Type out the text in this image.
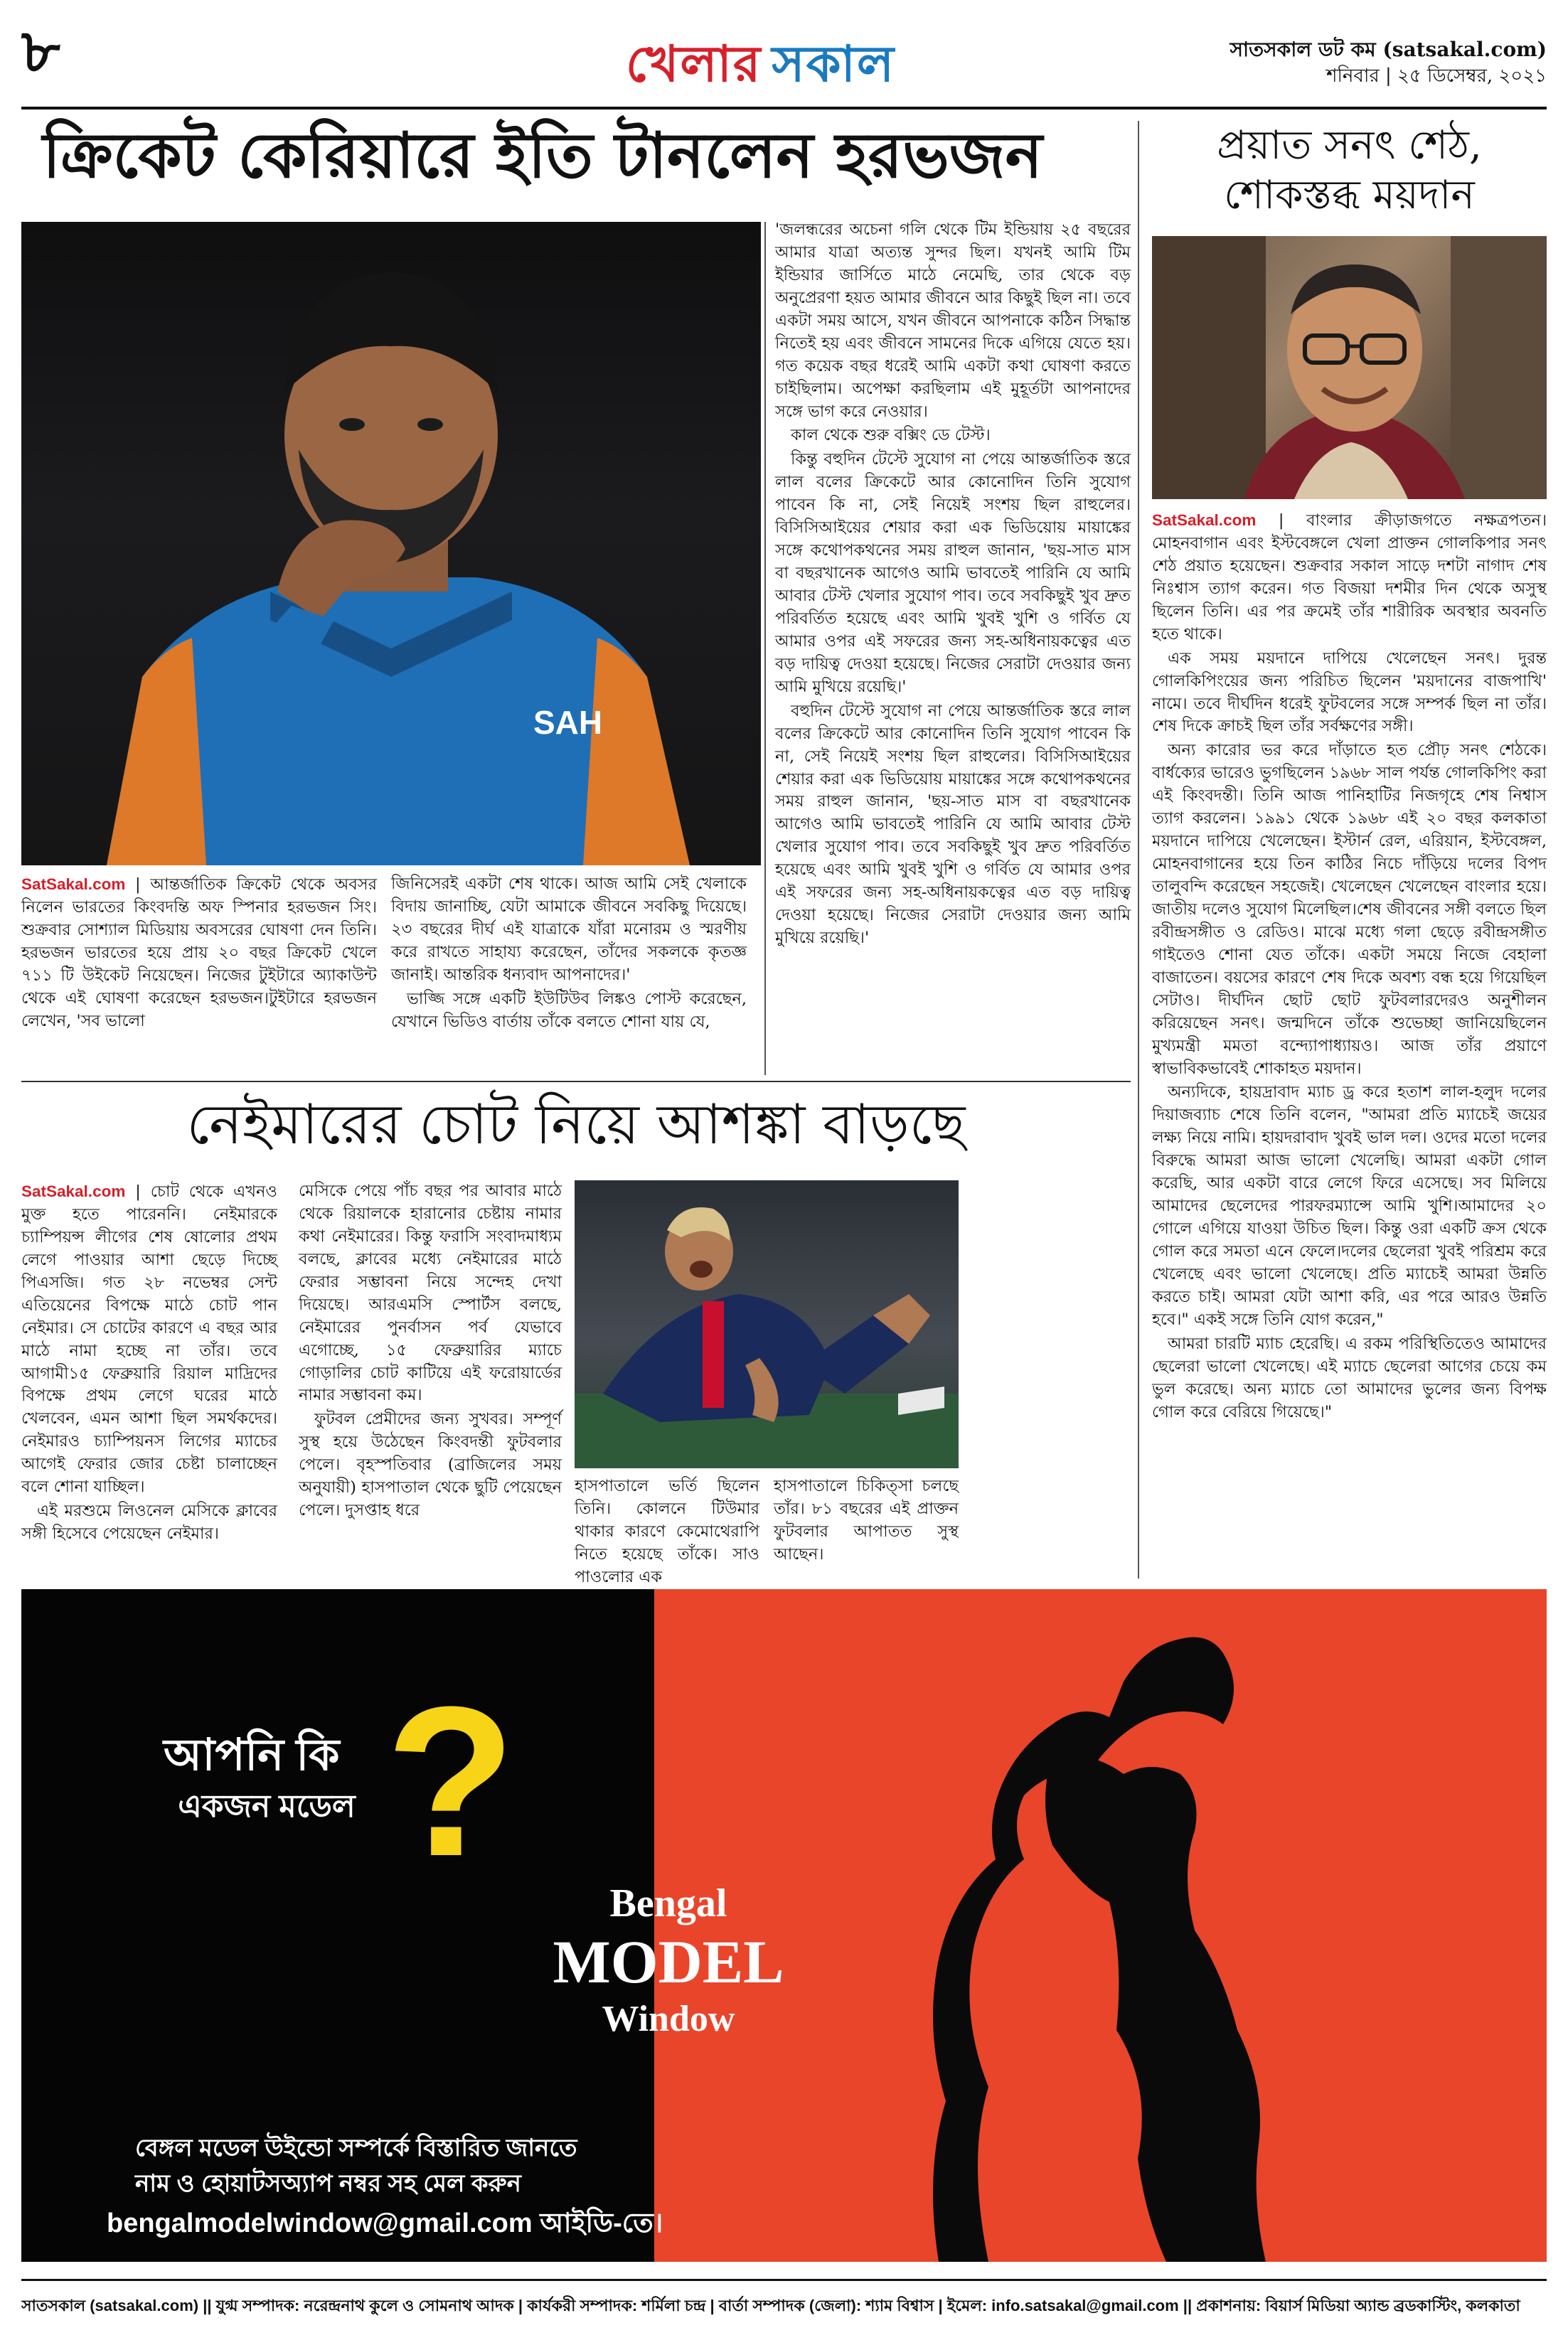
৮	খেলার সকাল	সাতসকাল ডট কম (satsakal.com)
শনিবার | ২৫ ডিসেম্বর, ২০২১
ক্রিকেট কেরিয়ারে ইতি টানলেন হরভজন
SAH

'জলন্ধরের অচেনা গলি থেকে টিম ইন্ডিয়ায় ২৫ বছরের আমার যাত্রা অত্যন্ত সুন্দর ছিল। যখনই আমি টিম ইন্ডিয়ার জার্সিতে মাঠে নেমেছি, তার থেকে বড় অনুপ্রেরণা হয়ত আমার জীবনে আর কিছুই ছিল না। তবে একটা সময় আসে, যখন জীবনে আপনাকে কঠিন সিদ্ধান্ত নিতেই হয় এবং জীবনে সামনের দিকে এগিয়ে যেতে হয়। গত কয়েক বছর ধরেই আমি একটা কথা ঘোষণা করতে চাইছিলাম। অপেক্ষা করছিলাম এই মুহূর্তটা আপনাদের সঙ্গে ভাগ করে নেওয়ার।

কাল থেকে শুরু বক্সিং ডে টেস্ট।

কিন্তু বহুদিন টেস্টে সুযোগ না পেয়ে আন্তর্জাতিক স্তরে লাল বলের ক্রিকেটে আর কোনোদিন তিনি সুযোগ পাবেন কি না, সেই নিয়েই সংশয় ছিল রাহুলের। বিসিসিআইয়ের শেয়ার করা এক ভিডিয়োয় মায়াঙ্কের সঙ্গে কথোপকথনের সময় রাহুল জানান, 'ছয়-সাত মাস বা বছরখানেক আগেও আমি ভাবতেই পারিনি যে আমি আবার টেস্ট খেলার সুযোগ পাব। তবে সবকিছুই খুব দ্রুত পরিবর্তিত হয়েছে এবং আমি খুবই খুশি ও গর্বিত যে আমার ওপর এই সফরের জন্য সহ-অধিনায়কত্বের এত বড় দায়িত্ব দেওয়া হয়েছে। নিজের সেরাটা দেওয়ার জন্য আমি মুখিয়ে রয়েছি।'

বহুদিন টেস্টে সুযোগ না পেয়ে আন্তর্জাতিক স্তরে লাল বলের ক্রিকেটে আর কোনোদিন তিনি সুযোগ পাবেন কি না, সেই নিয়েই সংশয় ছিল রাহুলের। বিসিসিআইয়ের শেয়ার করা এক ভিডিয়োয় মায়াঙ্কের সঙ্গে কথোপকথনের সময় রাহুল জানান, 'ছয়-সাত মাস বা বছরখানেক আগেও আমি ভাবতেই পারিনি যে আমি আবার টেস্ট খেলার সুযোগ পাব। তবে সবকিছুই খুব দ্রুত পরিবর্তিত হয়েছে এবং আমি খুবই খুশি ও গর্বিত যে আমার ওপর এই সফরের জন্য সহ-অধিনায়কত্বের এত বড় দায়িত্ব দেওয়া হয়েছে। নিজের সেরাটা দেওয়ার জন্য আমি মুখিয়ে রয়েছি।'

SatSakal.com | আন্তর্জাতিক ক্রিকেট থেকে অবসর নিলেন ভারতের কিংবদন্তি অফ স্পিনার হরভজন সিং। শুক্রবার সোশ্যাল মিডিয়ায় অবসরের ঘোষণা দেন তিনি। হরভজন ভারতের হয়ে প্রায় ২০ বছর ক্রিকেট খেলে ৭১১ টি উইকেট নিয়েছেন। নিজের টুইটারে অ্যাকাউন্ট থেকে এই ঘোষণা করেছেন হরভজন।টুইটারে হরভজন লেখেন, 'সব ভালো

জিনিসেরই একটা শেষ থাকে। আজ আমি সেই খেলাকে বিদায় জানাচ্ছি, যেটা আমাকে জীবনে সবকিছু দিয়েছে। ২৩ বছরের দীর্ঘ এই যাত্রাকে যাঁরা মনোরম ও স্মরণীয় করে রাখতে সাহায্য করেছেন, তাঁদের সকলকে কৃতজ্ঞ জানাই। আন্তরিক ধন্যবাদ আপনাদের।'

ভাজ্জি সঙ্গে একটি ইউটিউব লিঙ্কও পোস্ট করেছেন, যেখানে ভিডিও বার্তায় তাঁকে বলতে শোনা যায় যে,

প্রয়াত সনৎ শেঠ,
শোকস্তব্ধ ময়দান

SatSakal.com | বাংলার ক্রীড়াজগতে নক্ষত্রপতন। মোহনবাগান এবং ইস্টবেঙ্গলে খেলা প্রাক্তন গোলকিপার সনৎ শেঠ প্রয়াত হয়েছেন। শুক্রবার সকাল সাড়ে দশটা নাগাদ শেষ নিঃশ্বাস ত্যাগ করেন। গত বিজয়া দশমীর দিন থেকে অসুস্থ ছিলেন তিনি। এর পর ক্রমেই তাঁর শারীরিক অবস্থার অবনতি হতে থাকে।

এক সময় ময়দানে দাপিয়ে খেলেছেন সনৎ। দুরন্ত গোলকিপিংয়ের জন্য পরিচিত ছিলেন 'ময়দানের বাজপাখি' নামে। তবে দীর্ঘদিন ধরেই ফুটবলের সঙ্গে সম্পর্ক ছিল না তাঁর। শেষ দিকে ক্রাচই ছিল তাঁর সর্বক্ষণের সঙ্গী।

অন্য কারোর ভর করে দাঁড়াতে হত প্রৌঢ় সনৎ শেঠকে। বার্ধক্যের ভারেও ভুগছিলেন ১৯৬৮ সাল পর্যন্ত গোলকিপিং করা এই কিংবদন্তী। তিনি আজ পানিহাটির নিজগৃহে শেষ নিশ্বাস ত্যাগ করলেন। ১৯৯১ থেকে ১৯৬৮ এই ২০ বছর কলকাতা ময়দানে দাপিয়ে খেলেছেন। ইস্টার্ন রেল, এরিয়ান, ইস্টবেঙ্গল, মোহনবাগানের হয়ে তিন কাঠির নিচে দাঁড়িয়ে দলের বিপদ তালুবন্দি করেছেন সহজেই। খেলেছেন খেলেছেন বাংলার হয়ে। জাতীয় দলেও সুযোগ মিলেছিল।শেষ জীবনের সঙ্গী বলতে ছিল রবীন্দ্রসঙ্গীত ও রেডিও। মাঝে মধ্যে গলা ছেড়ে রবীন্দ্রসঙ্গীত গাইতেও শোনা যেত তাঁকে। একটা সময়ে নিজে বেহালা বাজাতেন। বয়সের কারণে শেষ দিকে অবশ্য বন্ধ হয়ে গিয়েছিল সেটাও। দীর্ঘদিন ছোট ছোট ফুটবলারদেরও অনুশীলন করিয়েছেন সনৎ। জন্মদিনে তাঁকে শুভেচ্ছা জানিয়েছিলেন মুখ্যমন্ত্রী মমতা বন্দ্যোপাধ্যায়ও। আজ তাঁর প্রয়াণে স্বাভাবিকভাবেই শোকাহত ময়দান।

অন্যদিকে, হায়দ্রাবাদ ম্যাচ ড্র করে হতাশ লাল-হলুদ দলের দিয়াজব্যাচ শেষে তিনি বলেন, "আমরা প্রতি ম্যাচেই জয়ের লক্ষ্য নিয়ে নামি। হায়দরাবাদ খুবই ভাল দল। ওদের মতো দলের বিরুদ্ধে আমরা আজ ভালো খেলেছি। আমরা একটা গোল করেছি, আর একটা বারে লেগে ফিরে এসেছে। সব মিলিয়ে আমাদের ছেলেদের পারফরম্যান্সে আমি খুশি।আমাদের ২০ গোলে এগিয়ে যাওয়া উচিত ছিল। কিন্তু ওরা একটি ক্রস থেকে গোল করে সমতা এনে ফেলে।দলের ছেলেরা খুবই পরিশ্রম করে খেলেছে এবং ভালো খেলেছে। প্রতি ম্যাচেই আমরা উন্নতি করতে চাই। আমরা যেটা আশা করি, এর পরে আরও উন্নতি হবে।" একই সঙ্গে তিনি যোগ করেন,"

আমরা চারটি ম্যাচ হেরেছি। এ রকম পরিস্থিতিতেও আমাদের ছেলেরা ভালো খেলেছে। এই ম্যাচে ছেলেরা আগের চেয়ে কম ভুল করেছে। অন্য ম্যাচে তো আমাদের ভুলের জন্য বিপক্ষ গোল করে বেরিয়ে গিয়েছে।"

নেইমারের চোট নিয়ে আশঙ্কা বাড়ছে

SatSakal.com | চোট থেকে এখনও মুক্ত হতে পারেননি। নেইমারকে চ্যাম্পিয়ন্স লীগের শেষ ষোলোর প্রথম লেগে পাওয়ার আশা ছেড়ে দিচ্ছে পিএসজি। গত ২৮ নভেম্বর সেন্ট এতিয়েনের বিপক্ষে মাঠে চোট পান নেইমার। সে চোটের কারণে এ বছর আর মাঠে নামা হচ্ছে না তাঁর। তবে আগামী১৫ ফেব্রুয়ারি রিয়াল মাদ্রিদের বিপক্ষে প্রথম লেগে ঘরের মাঠে খেলবেন, এমন আশা ছিল সমর্থকদের। নেইমারও চ্যাম্পিয়নস লিগের ম্যাচের আগেই ফেরার জোর চেষ্টা চালাচ্ছেন বলে শোনা যাচ্ছিল।

এই মরশুমে লিওনেল মেসিকে ক্লাবের সঙ্গী হিসেবে পেয়েছেন নেইমার।

মেসিকে পেয়ে পাঁচ বছর পর আবার মাঠে থেকে রিয়ালকে হারানোর চেষ্টায় নামার কথা নেইমারের। কিন্তু ফরাসি সংবাদমাধ্যম বলছে, ক্লাবের মধ্যে নেইমারের মাঠে ফেরার সম্ভাবনা নিয়ে সন্দেহ দেখা দিয়েছে। আরএমসি স্পোর্টস বলছে, নেইমারের পুনর্বাসন পর্ব যেভাবে এগোচ্ছে, ১৫ ফেব্রুয়ারির ম্যাচে গোড়ালির চোট কাটিয়ে এই ফরোয়ার্ডের নামার সম্ভাবনা কম।

ফুটবল প্রেমীদের জন্য সুখবর। সম্পূর্ণ সুস্থ হয়ে উঠেছেন কিংবদন্তী ফুটবলার পেলে। বৃহস্পতিবার (ব্রাজিলের সময় অনুযায়ী) হাসপাতাল থেকে ছুটি পেয়েছেন পেলে। দুসপ্তাহ ধরে

হাসপাতালে ভর্তি ছিলেন তিনি। কোলনে টিউমার থাকার কারণে কেমোথেরাপি নিতে হয়েছে তাঁকে। সাও পাওলোর এক

হাসপাতালে চিকিত্সা চলছে তাঁর। ৮১ বছরের এই প্রাক্তন ফুটবলার আপাতত সুস্থ আছেন।

আপনি কি
একজন মডেল ?
Bengal
MODEL
Window
বেঙ্গল মডেল উইন্ডো সম্পর্কে বিস্তারিত জানতে
নাম ও হোয়াটসঅ্যাপ নম্বর সহ মেল করুন
bengalmodelwindow@gmail.com আইডি-তে।
সাতসকাল (satsakal.com) || যুগ্ম সম্পাদক: নরেন্দ্রনাথ কুলে ও সোমনাথ আদক | কার্যকরী সম্পাদক: শর্মিলা চন্দ্র | বার্তা সম্পাদক (জেলা): শ্যাম বিশ্বাস | ইমেল: info.satsakal@gmail.com || প্রকাশনায়: বিয়ার্স মিডিয়া অ্যান্ড ব্রডকাস্টিং, কলকাতা
